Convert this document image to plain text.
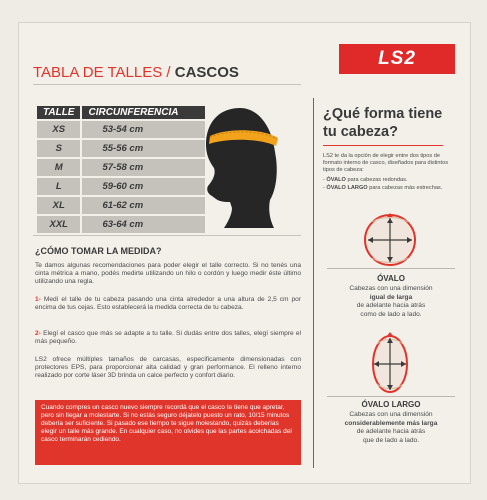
LS2
TABLA DE TALLES / CASCOS
TALLE	CIRCUNFERENCIA
XS	53-54 cm
S	55-56 cm
M	57-58 cm
L	59-60 cm
XL	61-62 cm
XXL	63-64 cm
¿CÓMO TOMAR LA MEDIDA?
Te damos algunas recomendaciones para poder elegir el talle correcto. Si no tenés una cinta métrica a mano, podés medirte utilizando un hilo o cordón y luego medir éste último utilizando una regla.
1- Medí el talle de tu cabeza pasando una cinta alrededor a una altura de 2,5 cm por encima de tus cejas. Esto establecerá la medida correcta de tu cabeza.
2- Elegí el casco que más se adapte a tu talle. Si dudás entre dos talles, elegí siempre el más pequeño.
LS2 ofrece múltiples tamaños de carcasas, especificamente dimensionadas con protectores EPS, para proporcionar alta calidad y gran performance. El relleno interno realizado por corte láser 3D brinda un calce perfecto y confort diario.
Cuando compres un casco nuevo siempre recordá que el casco te tiene que apretar, pero sin llegar a molestarte. Si no estás seguro déjatelo puesto un rato, 10/15 minutos debería ser suficiente. Si pasado ese tiempo te sigue molestando, quizás deberías elegir un talle más grande. En cualquier caso, no olvides que las partes acolchadas del casco terminarán cediendo.
¿Qué forma tiene
tu cabeza?
LS2 te da la opción de elegir entre dos tipos de formato interno de casco, diseñados para distintos tipos de cabeza:
- ÓVALO para cabezas redondas.
- ÓVALO LARGO para cabezas más estrechas.
ÓVALO
Cabezas con una dimensión
igual de larga
de adelante hacia atrás
como de lado a lado.
ÓVALO LARGO
Cabezas con una dimensión
considerablemente más larga
de adelante hacia atrás
que de lado a lado.
